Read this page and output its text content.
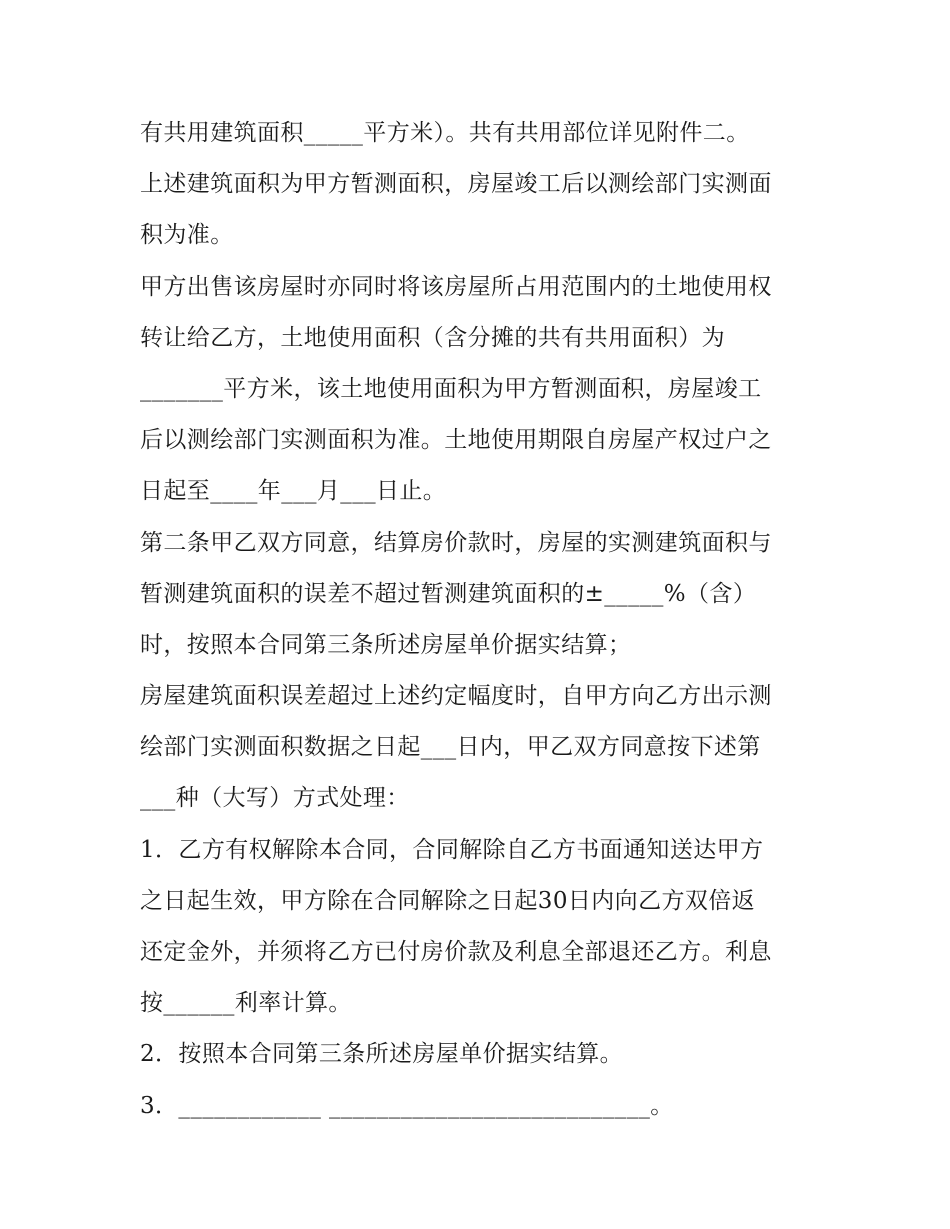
有共用建筑面积_____平方米）。共有共用部位详见附件二。
上述建筑面积为甲方暂测面积，房屋竣工后以测绘部门实测面
积为准。
甲方出售该房屋时亦同时将该房屋所占用范围内的土地使用权
转让给乙方，土地使用面积（含分摊的共有共用面积）为
_______平方米，该土地使用面积为甲方暂测面积，房屋竣工
后以测绘部门实测面积为准。土地使用期限自房屋产权过户之
日起至____年___月___日止。
第二条甲乙双方同意，结算房价款时，房屋的实测建筑面积与
暂测建筑面积的误差不超过暂测建筑面积的±_____%（含）
时，按照本合同第三条所述房屋单价据实结算；
房屋建筑面积误差超过上述约定幅度时，自甲方向乙方出示测
绘部门实测面积数据之日起___日内，甲乙双方同意按下述第
___种（大写）方式处理：
1．乙方有权解除本合同，合同解除自乙方书面通知送达甲方
之日起生效，甲方除在合同解除之日起30日内向乙方双倍返
还定金外，并须将乙方已付房价款及利息全部退还乙方。利息
按______利率计算。
2．按照本合同第三条所述房屋单价据实结算。
3．____________ ___________________________。
